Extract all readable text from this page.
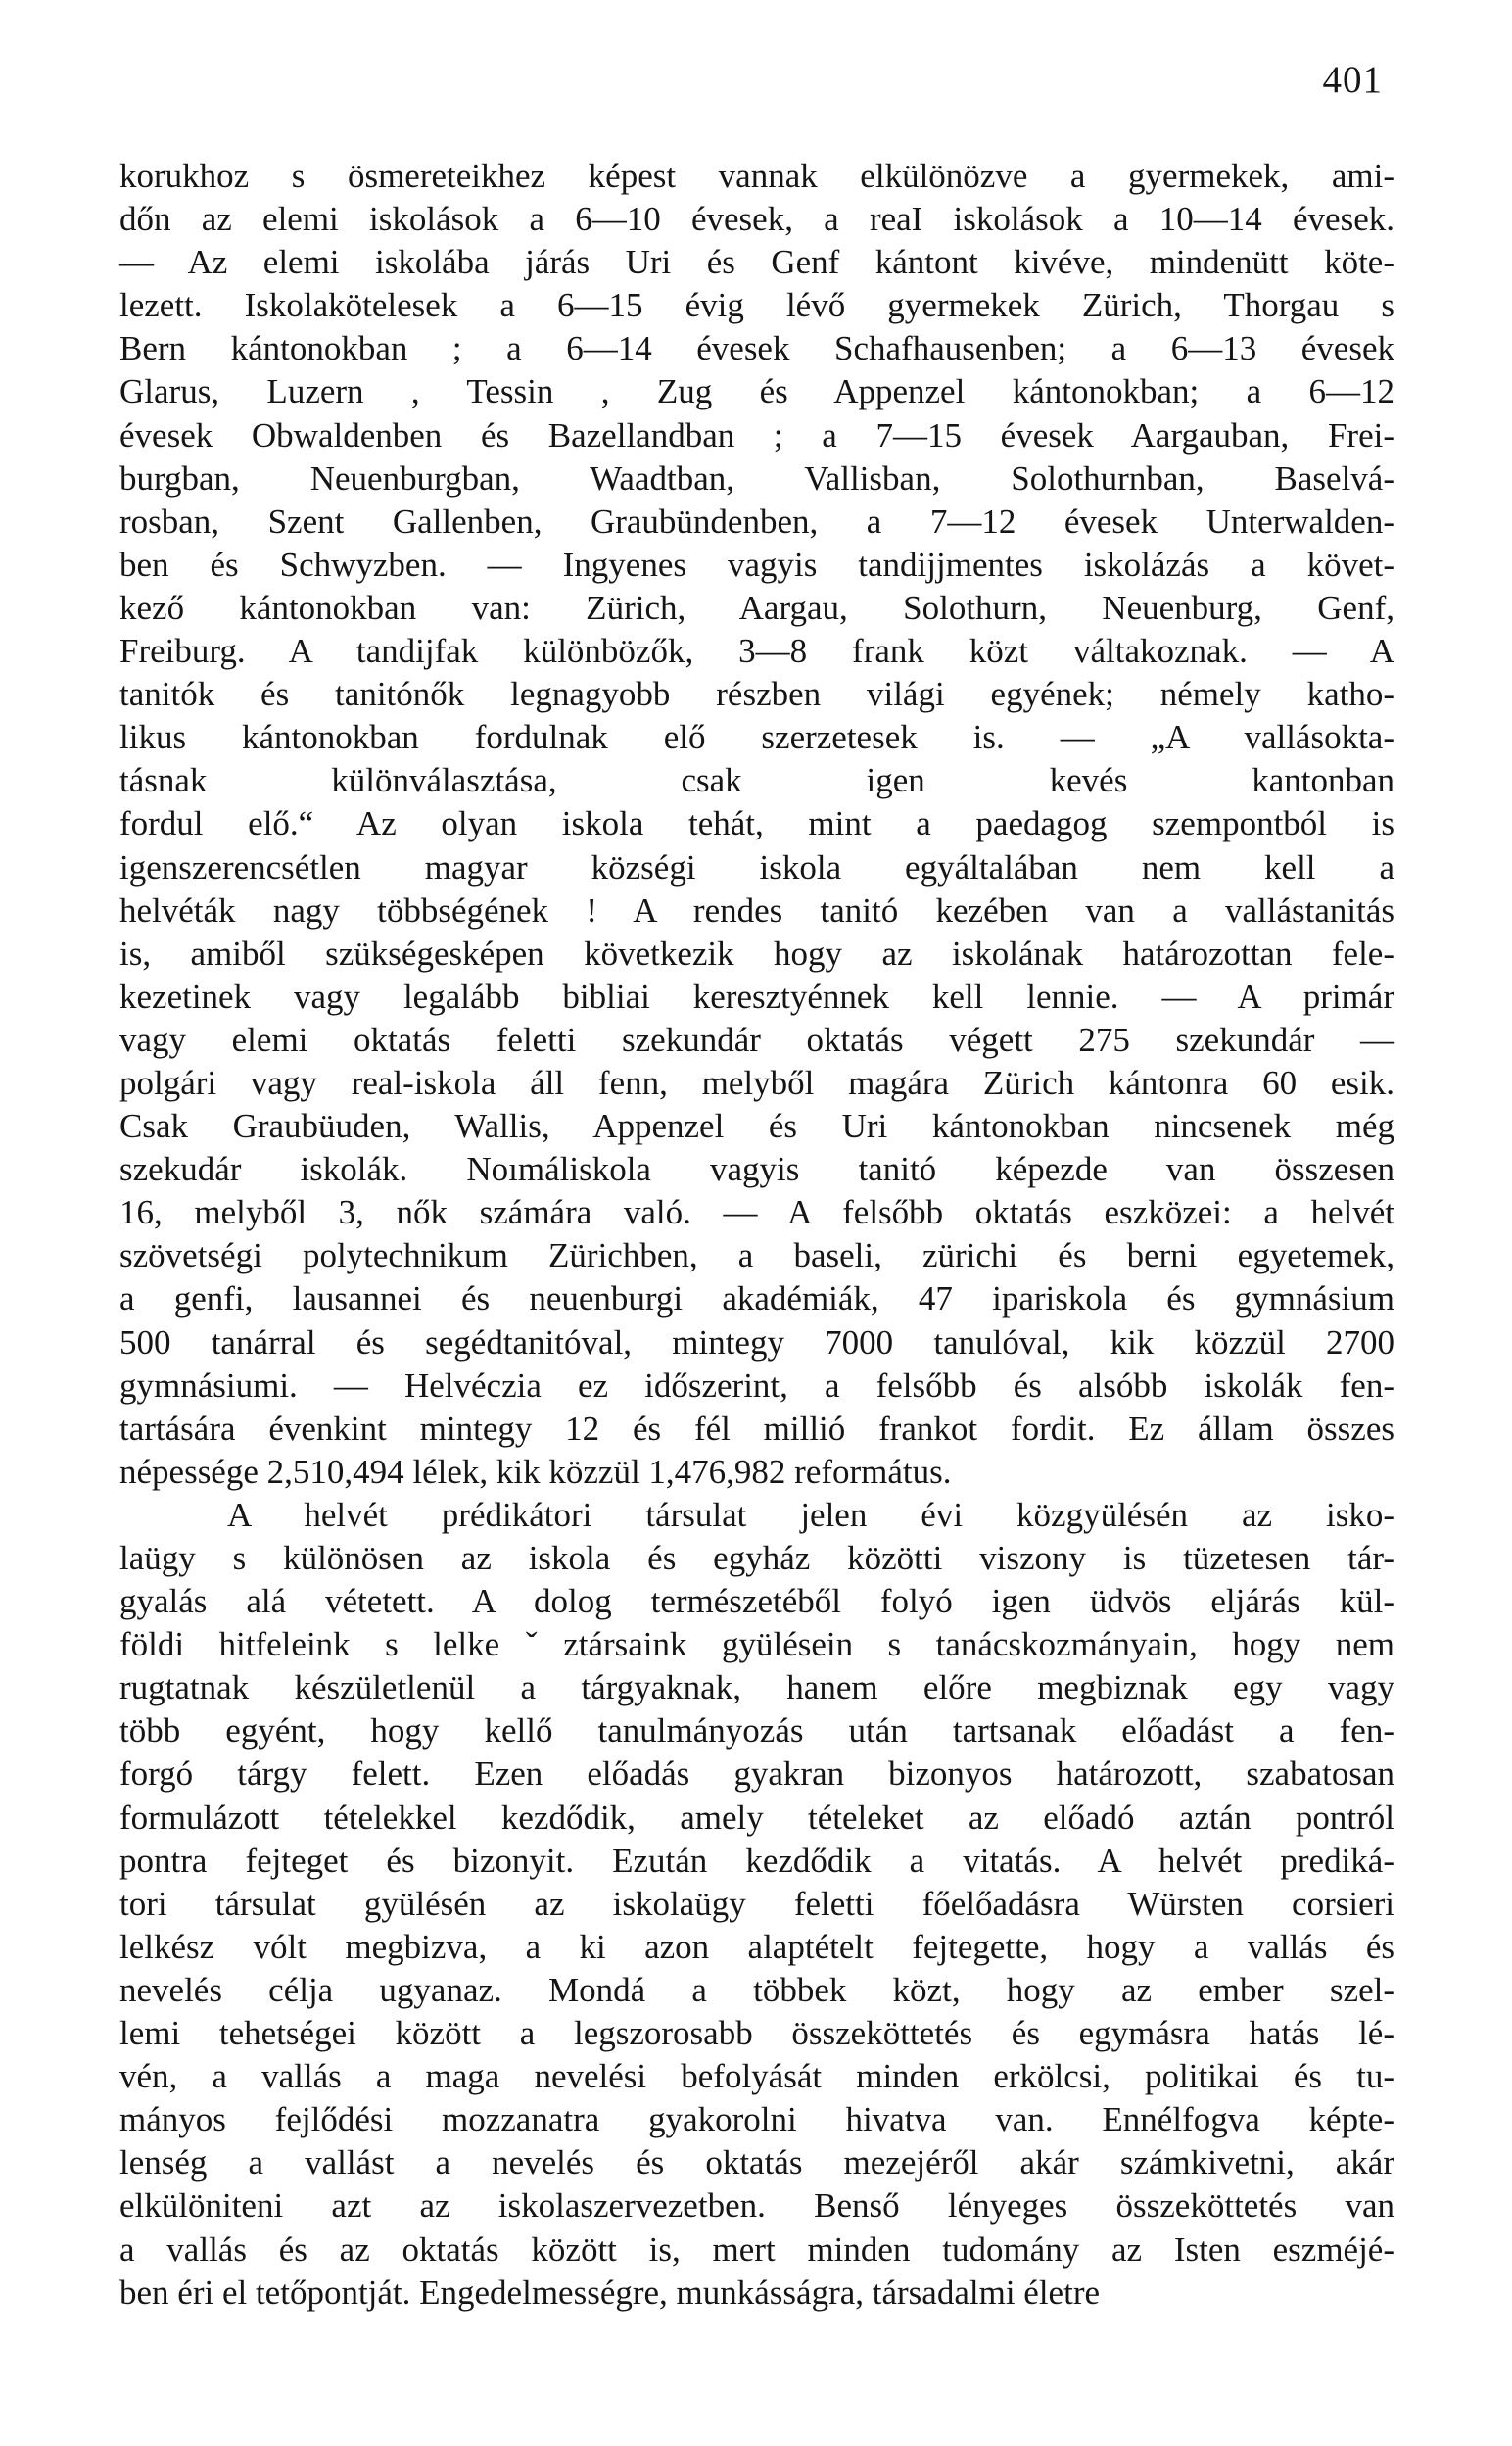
401
korukhoz s ösmereteikhez képest vannak elkülönözve a gyermekek, ami-
dőn az elemi iskolások a 6—10 évesek, a reaI iskolások a 10—14 évesek.
— Az elemi iskolába járás Uri és Genf kántont kivéve, mindenütt köte-
lezett. Iskolakötelesek a 6—15 évig lévő gyermekek Zürich, Thorgau s
Bern kántonokban ; a 6—14 évesek Schafhausenben; a 6—13 évesek
Glarus, Luzern , Tessin , Zug és Appenzel kántonokban; a 6—12
évesek Obwaldenben és Bazellandban ; a 7—15 évesek Aargauban, Frei-
burgban, Neuenburgban, Waadtban, Vallisban, Solothurnban, Baselvá-
rosban, Szent Gallenben, Graubündenben, a 7—12 évesek Unterwalden-
ben és Schwyzben. — Ingyenes vagyis tandijjmentes iskolázás a követ-
kező kántonokban van: Zürich, Aargau, Solothurn, Neuenburg, Genf,
Freiburg. A tandijfak különbözők, 3—8 frank közt váltakoznak. — A
tanitók és tanitónők legnagyobb részben világi egyének; némely katho-
likus kántonokban fordulnak elő szerzetesek is. — „A vallásokta-
tásnak különválasztása, csak igen kevés kantonban
fordul elő.“ Az olyan iskola tehát, mint a paedagog szempontból is
igenszerencsétlen magyar községi iskola egyáltalában nem kell a
helvéták nagy többségének ! A rendes tanitó kezében van a vallástanitás
is, amiből szükségesképen következik hogy az iskolának határozottan fele-
kezetinek vagy legalább bibliai keresztyénnek kell lennie. — A primár
vagy elemi oktatás feletti szekundár oktatás végett 275 szekundár —
polgári vagy real-iskola áll fenn, melyből magára Zürich kántonra 60 esik.
Csak Graubüuden, Wallis, Appenzel és Uri kántonokban nincsenek még
szekudár iskolák. Noımáliskola vagyis tanitó képezde van összesen
16, melyből 3, nők számára való. — A felsőbb oktatás eszközei: a helvét
szövetségi polytechnikum Zürichben, a baseli, zürichi és berni egyetemek,
a genfi, lausannei és neuenburgi akadémiák, 47 ipariskola és gymnásium
500 tanárral és segédtanitóval, mintegy 7000 tanulóval, kik közzül 2700
gymnásiumi. — Helvéczia ez időszerint, a felsőbb és alsóbb iskolák fen-
tartására évenkint mintegy 12 és fél millió frankot fordit. Ez állam összes
népessége 2,510,494 lélek, kik közzül 1,476,982 református.
A helvét prédikátori társulat jelen évi közgyülésén az isko-
laügy s különösen az iskola és egyház közötti viszony is tüzetesen tár-
gyalás alá vétetett. A dolog természetéből folyó igen üdvös eljárás kül-
földi hitfeleink s lelkeˇztársaink gyülésein s tanácskozmányain, hogy nem
rugtatnak készületlenül a tárgyaknak, hanem előre megbiznak egy vagy
több egyént, hogy kellő tanulmányozás után tartsanak előadást a fen-
forgó tárgy felett. Ezen előadás gyakran bizonyos határozott, szabatosan
formulázott tételekkel kezdődik, amely tételeket az előadó aztán pontról
pontra fejteget és bizonyit. Ezután kezdődik a vitatás. A helvét prediká-
tori társulat gyülésén az iskolaügy feletti főelőadásra Würsten corsieri
lelkész vólt megbizva, a ki azon alaptételt fejtegette, hogy a vallás és
nevelés célja ugyanaz. Mondá a többek közt, hogy az ember szel-
lemi tehetségei között a legszorosabb összeköttetés és egymásra hatás lé-
vén, a vallás a maga nevelési befolyását minden erkölcsi, politikai és tu-
mányos fejlődési mozzanatra gyakorolni hivatva van. Ennélfogva képte-
lenség a vallást a nevelés és oktatás mezejéről akár számkivetni, akár
elkülöniteni azt az iskolaszervezetben. Benső lényeges összeköttetés van
a vallás és az oktatás között is, mert minden tudomány az Isten eszméjé-
ben éri el tetőpontját. Engedelmességre, munkásságra, társadalmi életre
